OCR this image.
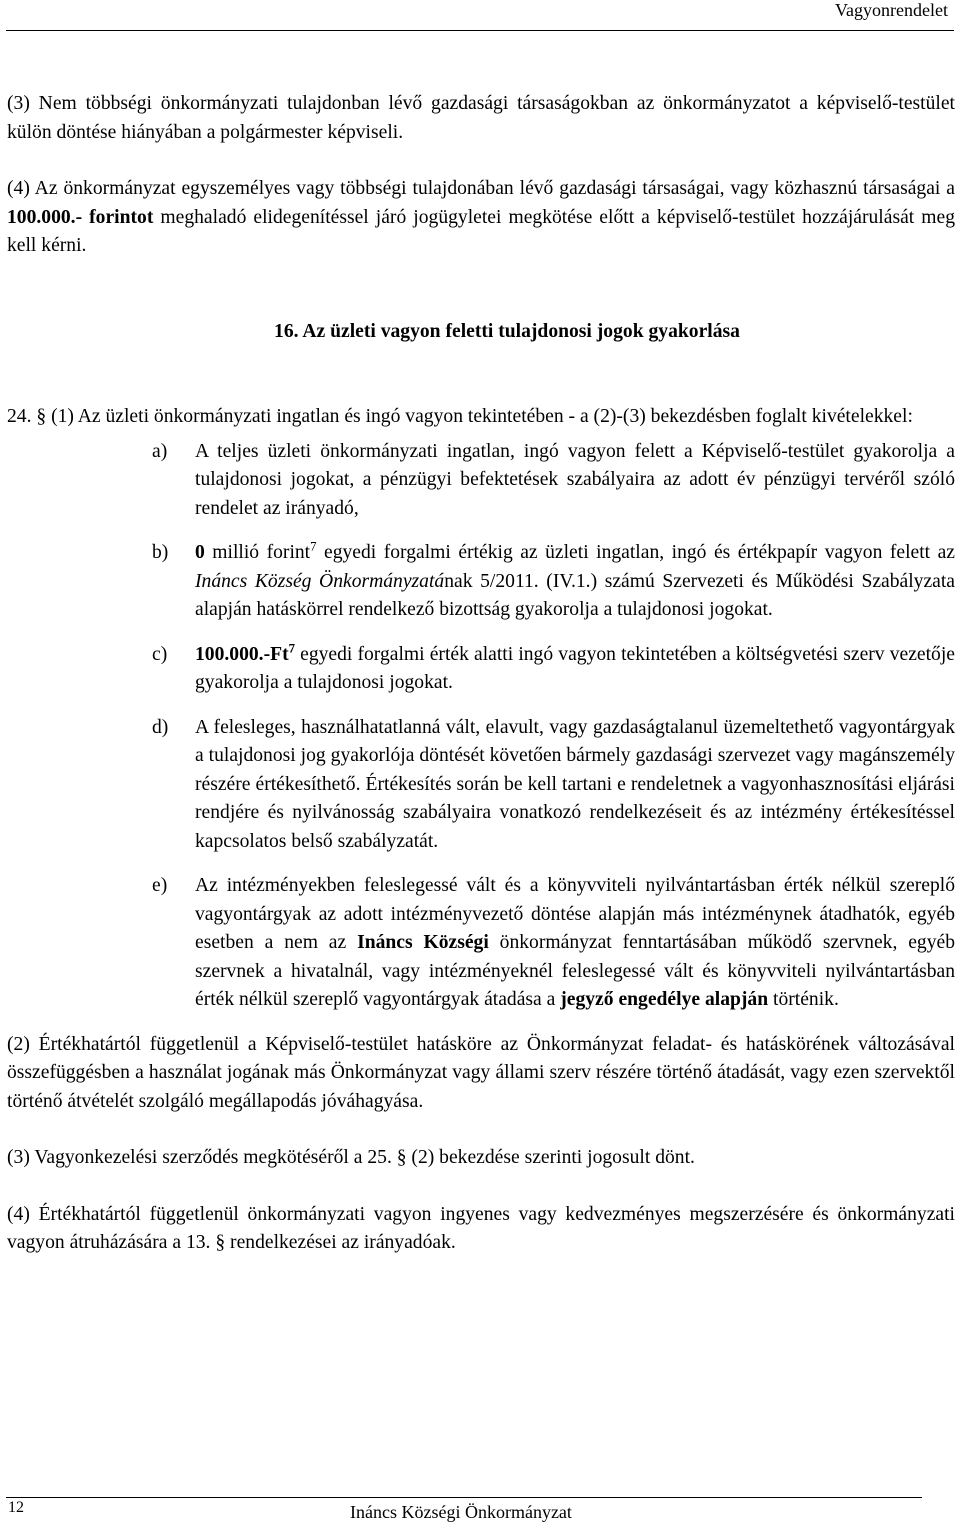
Vagyonrendelet

(3) Nem többségi önkormányzati tulajdonban lévő gazdasági társaságokban az önkormányzatot a képviselő-testület külön döntése hiányában a polgármester képviseli.

(4) Az önkormányzat egyszemélyes vagy többségi tulajdonában lévő gazdasági társaságai, vagy közhasznú társaságai a 100.000.- forintot meghaladó elidegenítéssel járó jogügyletei megkötése előtt a képviselő-testület hozzájárulását meg kell kérni.

16. Az üzleti vagyon feletti tulajdonosi jogok gyakorlása

24. § (1) Az üzleti önkormányzati ingatlan és ingó vagyon tekintetében - a (2)-(3) bekezdésben foglalt kivételekkel:

a)	A teljes üzleti önkormányzati ingatlan, ingó vagyon felett a Képviselő-testület gyakorolja a tulajdonosi jogokat, a pénzügyi befektetések szabályaira az adott év pénzügyi tervéről szóló rendelet az irányadó,
b)	0 millió forint$^7$ egyedi forgalmi értékig az üzleti ingatlan, ingó és értékpapír vagyon felett az Ináncs Község Önkormányzatának 5/2011. (IV.1.) számú Szervezeti és Működési Szabályzata alapján hatáskörrel rendelkező bizottság gyakorolja a tulajdonosi jogokat.
c)	100.000.-Ft$^7$ egyedi forgalmi érték alatti ingó vagyon tekintetében a költségvetési szerv vezetője gyakorolja a tulajdonosi jogokat.
d)	A felesleges, használhatatlanná vált, elavult, vagy gazdaságtalanul üzemeltethető vagyontárgyak a tulajdonosi jog gyakorlója döntését követően bármely gazdasági szervezet vagy magánszemély részére értékesíthető. Értékesítés során be kell tartani e rendeletnek a vagyonhasznosítási eljárási rendjére és nyilvánosság szabályaira vonatkozó rendelkezéseit és az intézmény értékesítéssel kapcsolatos belső szabályzatát.
e)	Az intézményekben feleslegessé vált és a könyvviteli nyilvántartásban érték nélkül szereplő vagyontárgyak az adott intézményvezető döntése alapján más intézménynek átadhatók, egyéb esetben a nem az Ináncs Községi önkormányzat fenntartásában működő szervnek, egyéb szervnek a hivatalnál, vagy intézményeknél feleslegessé vált és könyvviteli nyilvántartásban érték nélkül szereplő vagyontárgyak átadása a jegyző engedélye alapján történik.

(2) Értékhatártól függetlenül a Képviselő-testület hatásköre az Önkormányzat feladat- és hatáskörének változásával összefüggésben a használat jogának más Önkormányzat vagy állami szerv részére történő átadását, vagy ezen szervektől történő átvételét szolgáló megállapodás jóváhagyása.

(3) Vagyonkezelési szerződés megkötéséről a 25. § (2) bekezdése szerinti jogosult dönt.

(4) Értékhatártól függetlenül önkormányzati vagyon ingyenes vagy kedvezményes megszerzésére és önkormányzati vagyon átruházására a 13. § rendelkezései az irányadóak.

12	Ináncs Községi Önkormányzat
